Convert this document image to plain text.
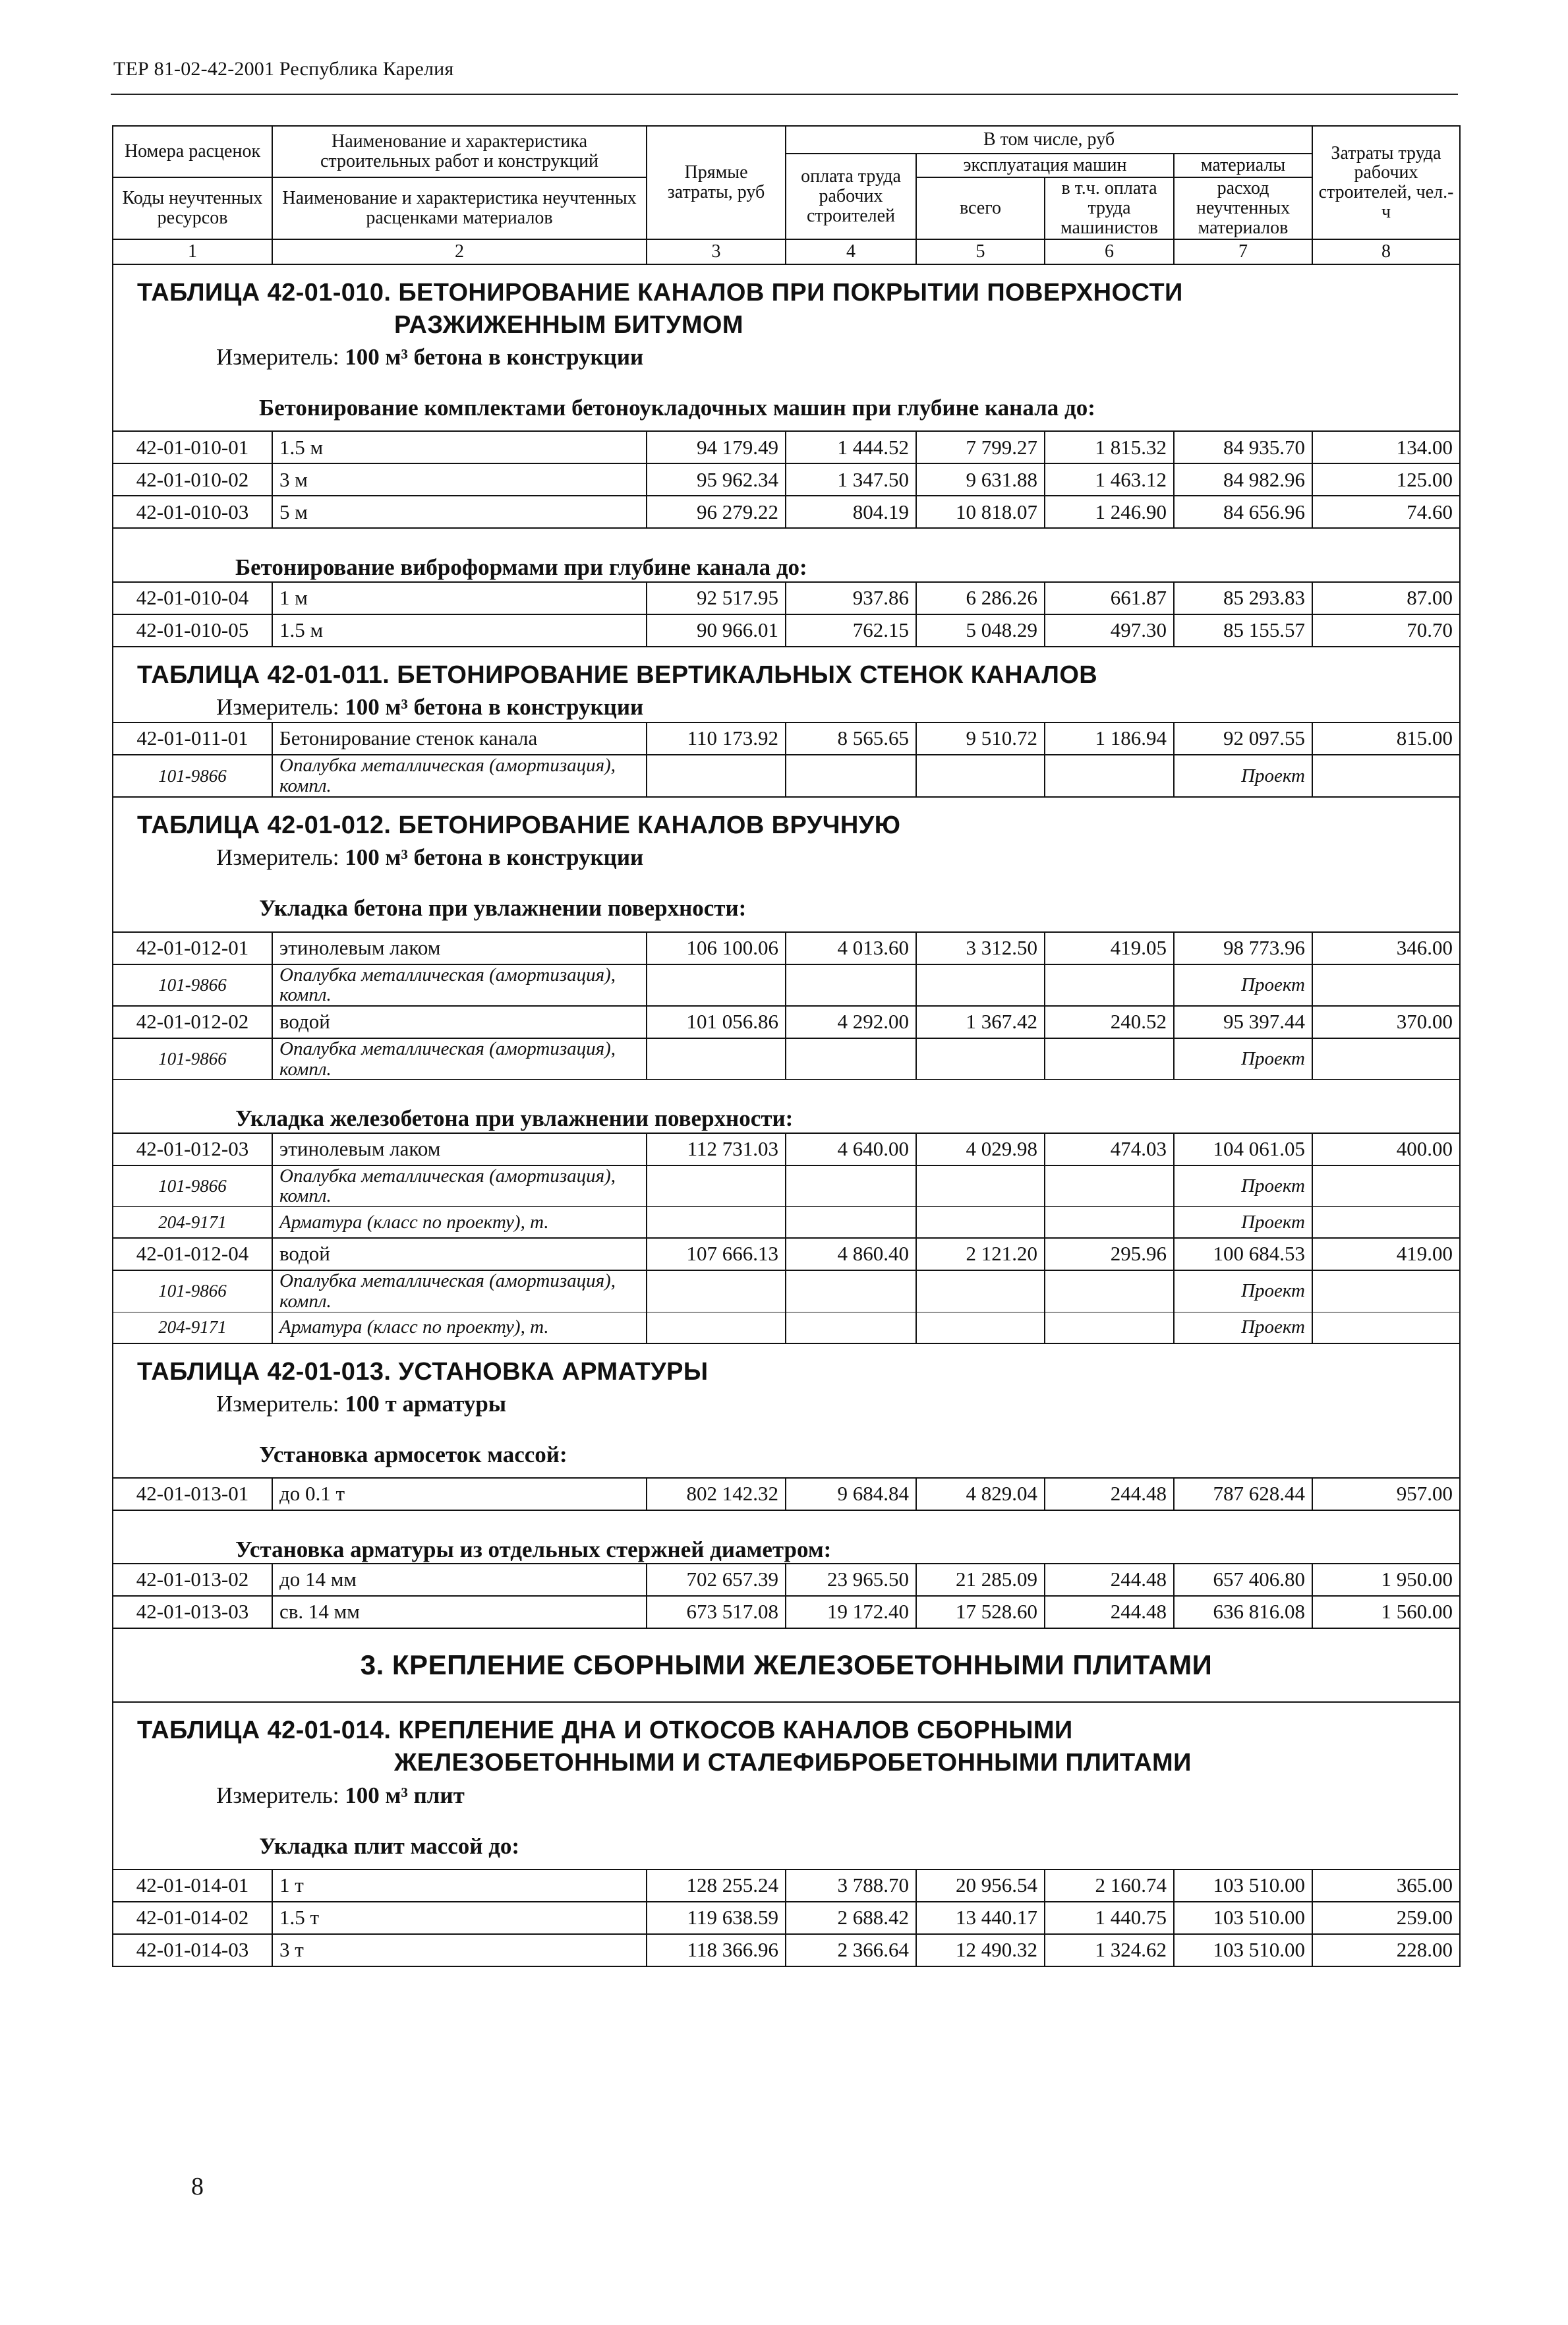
ТЕР 81-02-42-2001 Республика Карелия
Номера расценок	Наименование и характеристика строительных работ и конструкций	Прямые затраты, руб	В том числе, руб				Затраты труда рабочих строителей, чел.-ч
			оплата труда рабочих строителей	эксплуатация машин		материалы	
Коды неучтенных ресурсов	Наименование и характеристика неучтенных расценками материалов			всего	в т.ч. оплата труда машинистов	расход неучтенных материалов	

1	2	3	4	5	6	7	8

ТАБЛИЦА 42-01-010. БЕТОНИРОВАНИЕ КАНАЛОВ ПРИ ПОКРЫТИИ ПОВЕРХНОСТИ
РАЗЖИЖЕННЫМ БИТУМОМ
Измеритель: 100 м³ бетона в конструкции
Бетонирование комплектами бетоноукладочных машин при глубине канала до:							

42-01-010-01	1.5 м	94 179.49	1 444.52	7 799.27	1 815.32	84 935.70	134.00
42-01-010-02	3 м	95 962.34	1 347.50	9 631.88	1 463.12	84 982.96	125.00
42-01-010-03	5 м	96 279.22	804.19	10 818.07	1 246.90	84 656.96	74.60
Бетонирование виброформами при глубине канала до:							
42-01-010-04	1 м	92 517.95	937.86	6 286.26	661.87	85 293.83	87.00
42-01-010-05	1.5 м	90 966.01	762.15	5 048.29	497.30	85 155.57	70.70

ТАБЛИЦА 42-01-011. БЕТОНИРОВАНИЕ ВЕРТИКАЛЬНЫХ СТЕНОК КАНАЛОВ
Измеритель: 100 м³ бетона в конструкции							

42-01-011-01	Бетонирование стенок канала	110 173.92	8 565.65	9 510.72	1 186.94	92 097.55	815.00
101-9866	Опалубка металлическая (амортизация), компл.					Проект	

ТАБЛИЦА 42-01-012. БЕТОНИРОВАНИЕ КАНАЛОВ ВРУЧНУЮ
Измеритель: 100 м³ бетона в конструкции
Укладка бетона при увлажнении поверхности:							

42-01-012-01	этинолевым лаком	106 100.06	4 013.60	3 312.50	419.05	98 773.96	346.00
101-9866	Опалубка металлическая (амортизация), компл.					Проект	
42-01-012-02	водой	101 056.86	4 292.00	1 367.42	240.52	95 397.44	370.00
101-9866	Опалубка металлическая (амортизация), компл.					Проект	
Укладка железобетона при увлажнении поверхности:							
42-01-012-03	этинолевым лаком	112 731.03	4 640.00	4 029.98	474.03	104 061.05	400.00
101-9866	Опалубка металлическая (амортизация), компл.					Проект	
204-9171	Арматура (класс по проекту), т.					Проект	
42-01-012-04	водой	107 666.13	4 860.40	2 121.20	295.96	100 684.53	419.00
101-9866	Опалубка металлическая (амортизация), компл.					Проект	
204-9171	Арматура (класс по проекту), т.					Проект	

ТАБЛИЦА 42-01-013. УСТАНОВКА АРМАТУРЫ
Измеритель: 100 т арматуры
Установка армосеток массой:							

42-01-013-01	до 0.1 т	802 142.32	9 684.84	4 829.04	244.48	787 628.44	957.00
Установка арматуры из отдельных стержней диаметром:							
42-01-013-02	до 14 мм	702 657.39	23 965.50	21 285.09	244.48	657 406.80	1 950.00
42-01-013-03	св. 14 мм	673 517.08	19 172.40	17 528.60	244.48	636 816.08	1 560.00
3. КРЕПЛЕНИЕ СБОРНЫМИ ЖЕЛЕЗОБЕТОННЫМИ ПЛИТАМИ							

ТАБЛИЦА 42-01-014. КРЕПЛЕНИЕ ДНА И ОТКОСОВ КАНАЛОВ СБОРНЫМИ
ЖЕЛЕЗОБЕТОННЫМИ И СТАЛЕФИБРОБЕТОННЫМИ ПЛИТАМИ
Измеритель: 100 м³ плит
Укладка плит массой до:							

42-01-014-01	1 т	128 255.24	3 788.70	20 956.54	2 160.74	103 510.00	365.00
42-01-014-02	1.5 т	119 638.59	2 688.42	13 440.17	1 440.75	103 510.00	259.00
42-01-014-03	3 т	118 366.96	2 366.64	12 490.32	1 324.62	103 510.00	228.00
8
